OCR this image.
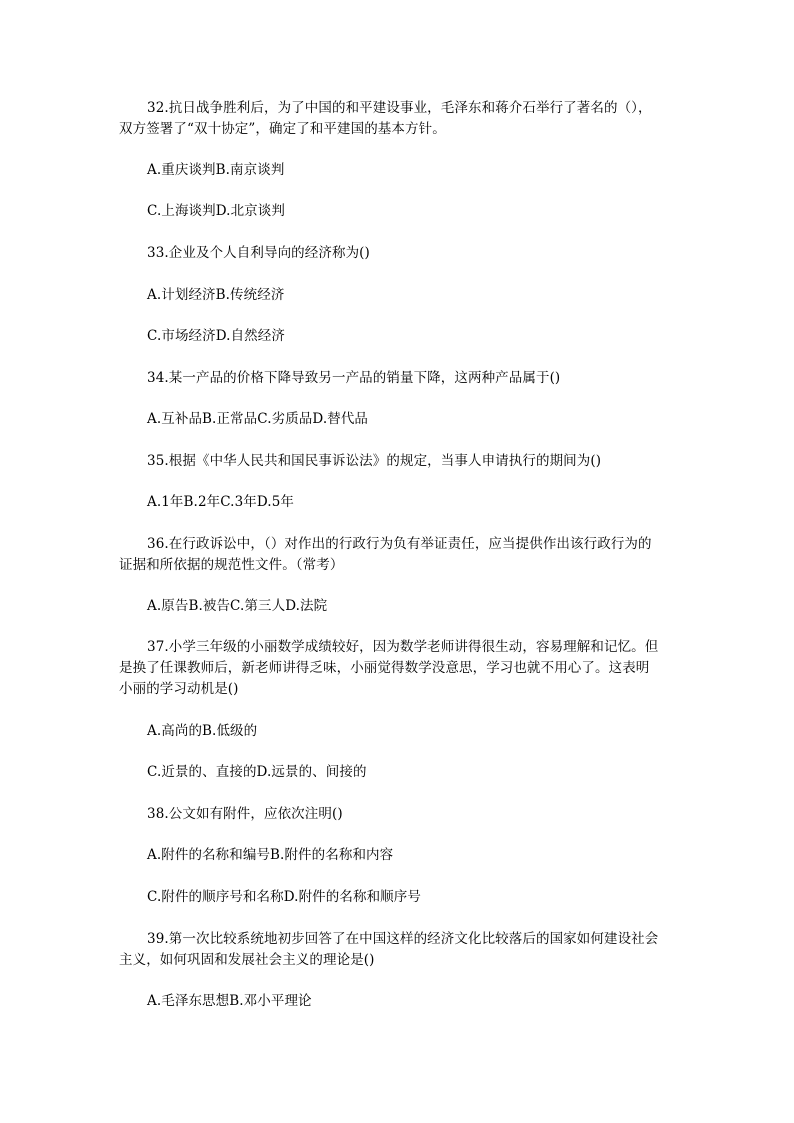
32.抗日战争胜利后，为了中国的和平建设事业，毛泽东和蒋介石举行了著名的（），
双方签署了“双十协定”，确定了和平建国的基本方针。
A.重庆谈判B.南京谈判
C.上海谈判D.北京谈判
33.企业及个人自利导向的经济称为()
A.计划经济B.传统经济
C.市场经济D.自然经济
34.某一产品的价格下降导致另一产品的销量下降，这两种产品属于()
A.互补品B.正常品C.劣质品D.替代品
35.根据《中华人民共和国民事诉讼法》的规定，当事人申请执行的期间为()
A.1年B.2年C.3年D.5年
36.在行政诉讼中，（）对作出的行政行为负有举证责任，应当提供作出该行政行为的
证据和所依据的规范性文件。（常考）
A.原告B.被告C.第三人D.法院
37.小学三年级的小丽数学成绩较好，因为数学老师讲得很生动，容易理解和记忆。但
是换了任课教师后，新老师讲得乏味，小丽觉得数学没意思，学习也就不用心了。这表明
小丽的学习动机是()
A.高尚的B.低级的
C.近景的、直接的D.远景的、间接的
38.公文如有附件，应依次注明()
A.附件的名称和编号B.附件的名称和内容
C.附件的顺序号和名称D.附件的名称和顺序号
39.第一次比较系统地初步回答了在中国这样的经济文化比较落后的国家如何建设社会
主义，如何巩固和发展社会主义的理论是()
A.毛泽东思想B.邓小平理论
